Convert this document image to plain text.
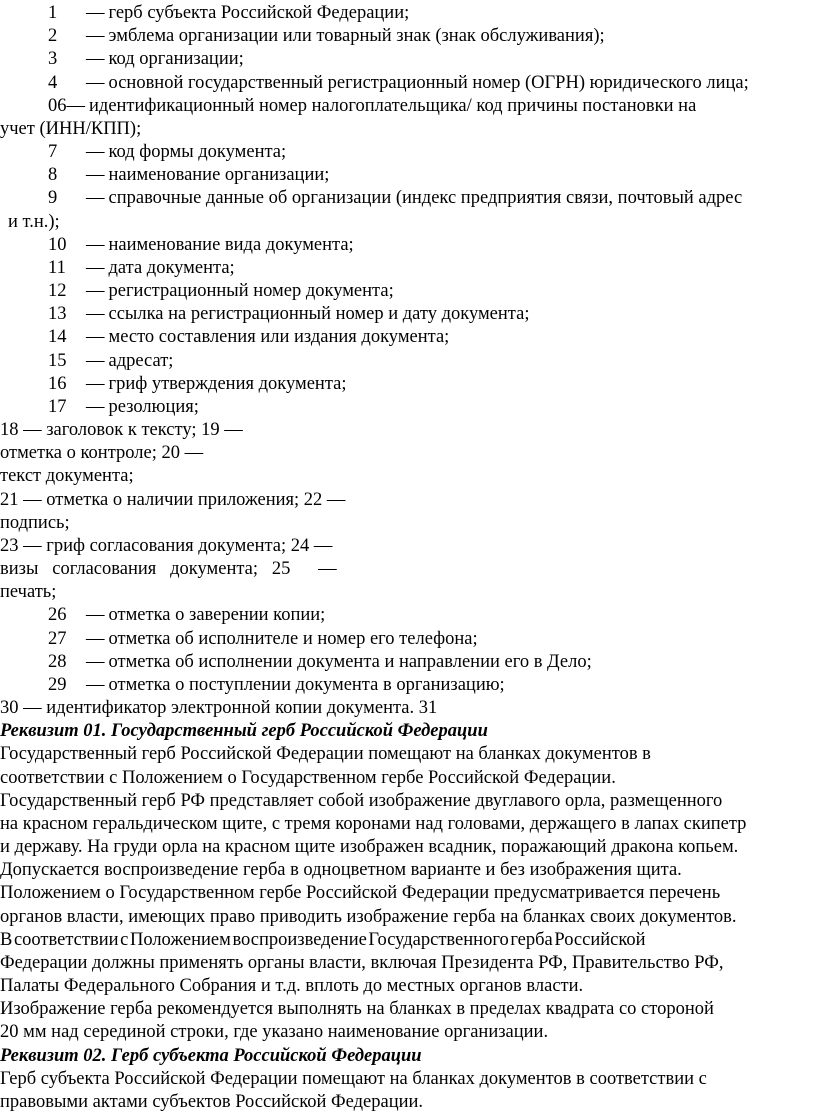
1 — герб субъекта Российской Федерации;
2 — эмблема организации или товарный знак (знак обслуживания);
3 — код организации;
4 — основной государственный регистрационный номер (ОГРН) юридического лица;
06— идентификационный номер налогоплательщика/ код причины постановки на
учет (ИНН/КПП);
7 — код формы документа;
8 — наименование организации;
9 — справочные данные об организации (индекс предприятия связи, почтовый адрес
и т.н.);
10 — наименование вида документа;
11 — дата документа;
12 — регистрационный номер документа;
13 — ссылка на регистрационный номер и дату документа;
14 — место составления или издания документа;
15 — адресат;
16 — гриф утверждения документа;
17 — резолюция;
18 — заголовок к тексту; 19 —
отметка о контроле; 20 —
текст документа;
21 — отметка о наличии приложения; 22 —
подпись;
23 — гриф согласования документа; 24 —
визы   согласования   документа;   25      —
печать;
26 — отметка о заверении копии;
27 — отметка об исполнителе и номер его телефона;
28 — отметка об исполнении документа и направлении его в Дело;
29 — отметка о поступлении документа в организацию;
30 — идентификатор электронной копии документа. 31
Реквизит 01. Государственный герб Российской Федерации
Государственный герб Российской Федерации помещают на бланках документов в
соответствии с Положением о Государственном гербе Российской Федерации.
Государственный герб РФ представляет собой изображение двуглавого орла, размещенного
на красном геральдическом щите, с тремя коронами над головами, держащего в лапах скипетр
и державу. На груди орла на красном щите изображен всадник, поражающий дракона копьем.
Допускается воспроизведение герба в одноцветном варианте и без изображения щита.
Положением о Государственном гербе Российской Федерации предусматривается перечень
органов власти, имеющих право приводить изображение герба на бланках своих документов.
В соответствии с Положением воспроизведение Государственного герба Российской
Федерации должны применять органы власти, включая Президента РФ, Правительство РФ,
Палаты Федерального Собрания и т.д. вплоть до местных органов власти.
Изображение герба рекомендуется выполнять на бланках в пределах квадрата со стороной
20 мм над серединой строки, где указано наименование организации.
Реквизит 02. Герб субъекта Российской Федерации
Герб субъекта Российской Федерации помещают на бланках документов в соответствии с
правовыми актами субъектов Российской Федерации.
